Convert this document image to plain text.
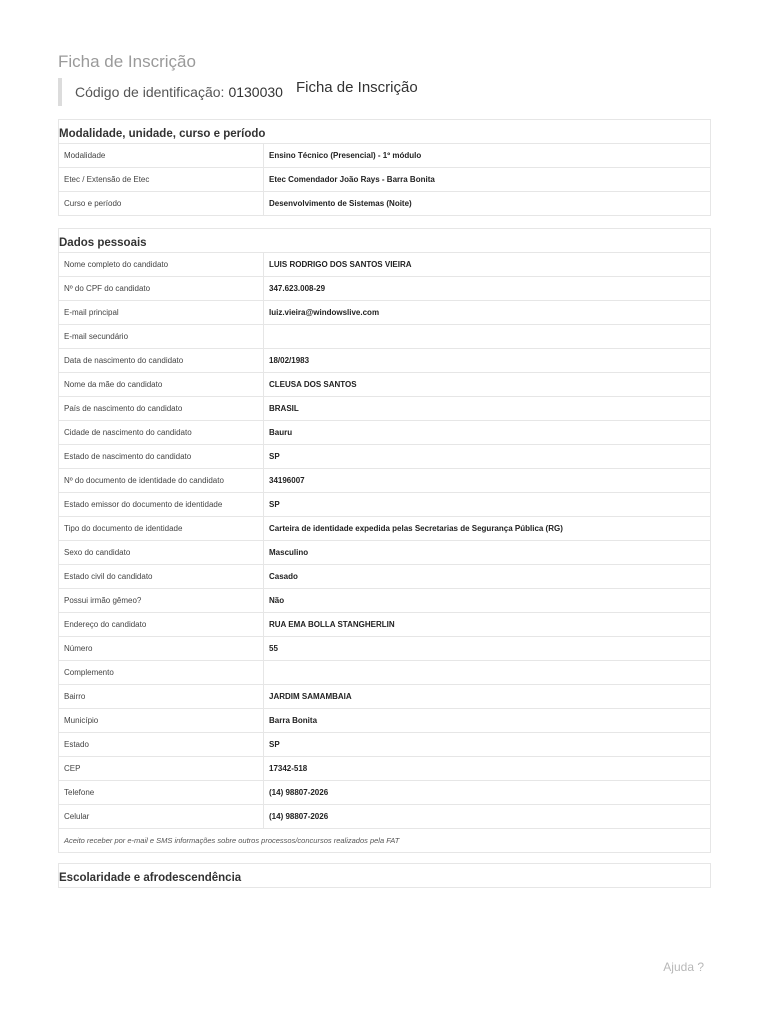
Ficha de Inscrição
Código de identificação: 0130030 Ficha de Inscrição
Modalidade, unidade, curso e período
Modalidade	Ensino Técnico (Presencial) - 1º módulo
Etec / Extensão de Etec	Etec Comendador João Rays - Barra Bonita
Curso e período	Desenvolvimento de Sistemas (Noite)
Dados pessoais
Nome completo do candidato	LUIS RODRIGO DOS SANTOS VIEIRA
Nº do CPF do candidato	347.623.008-29
E-mail principal	luiz.vieira@windowslive.com
E-mail secundário	
Data de nascimento do candidato	18/02/1983
Nome da mãe do candidato	CLEUSA DOS SANTOS
País de nascimento do candidato	BRASIL
Cidade de nascimento do candidato	Bauru
Estado de nascimento do candidato	SP
Nº do documento de identidade do candidato	34196007
Estado emissor do documento de identidade	SP
Tipo do documento de identidade	Carteira de identidade expedida pelas Secretarias de Segurança Pública (RG)
Sexo do candidato	Masculino
Estado civil do candidato	Casado
Possui irmão gêmeo?	Não
Endereço do candidato	RUA EMA BOLLA STANGHERLIN
Número	55
Complemento	
Bairro	JARDIM SAMAMBAIA
Município	Barra Bonita
Estado	SP
CEP	17342-518
Telefone	(14) 98807-2026
Celular	(14) 98807-2026
Aceito receber por e-mail e SMS informações sobre outros processos/concursos realizados pela FAT	
Escolaridade e afrodescendência
Ajuda ?
